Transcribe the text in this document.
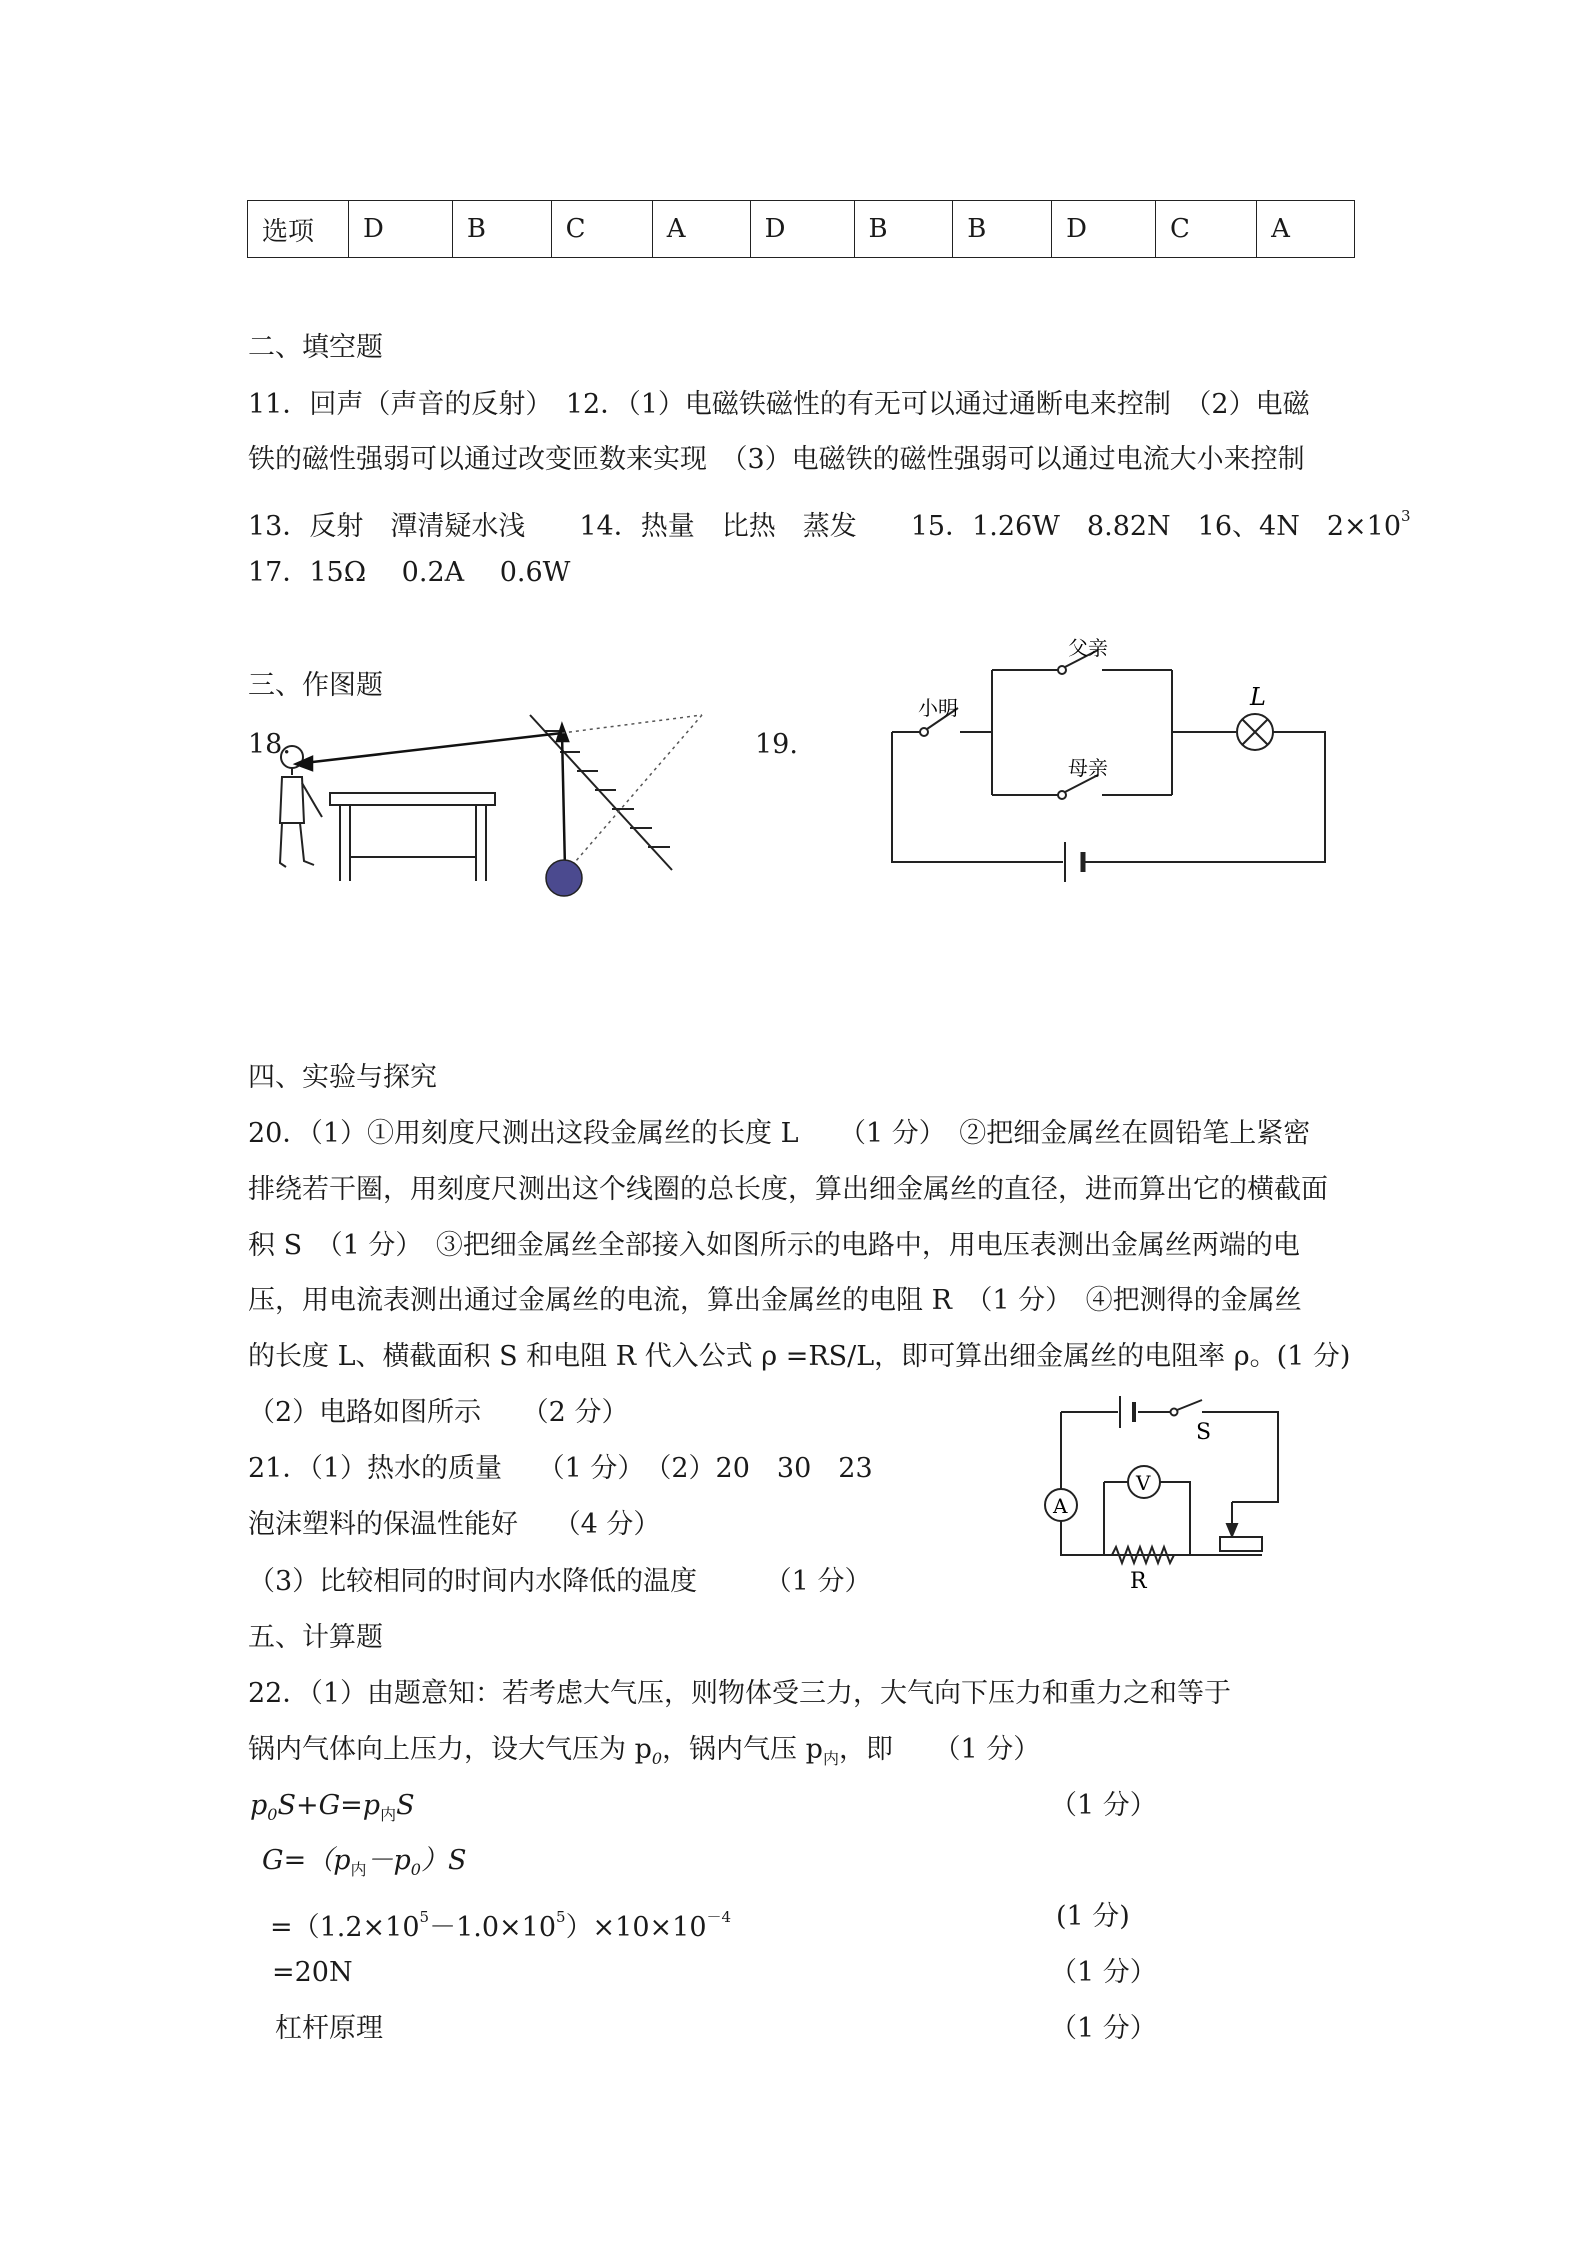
选项	D	B	C	A	D	B	B	D	C	A
二、填空题
11．回声（声音的反射）　12．（1）电磁铁磁性的有无可以通过通断电来控制　（2）电磁
铁的磁性强弱可以通过改变匝数来实现　（3）电磁铁的磁性强弱可以通过电流大小来控制
13．反射　潭清疑水浅　　14．热量　比热　蒸发　　15．1.26W　8.82N　16、4N　$2\times 10^3$
17．15Ω　 0.2A　 0.6W
三、作图题
18.	19.
父亲
小明
母亲
L
四、实验与探究
20．（1）①用刻度尺测出这段金属丝的长度 L　　（1 分）　②把细金属丝在圆铅笔上紧密
排绕若干圈，用刻度尺测出这个线圈的总长度，算出细金属丝的直径，进而算出它的横截面
积 S　（1 分）　③把细金属丝全部接入如图所示的电路中，用电压表测出金属丝两端的电
压，用电流表测出通过金属丝的电流，算出金属丝的电阻 R　（1 分）　④把测得的金属丝
的长度 L、横截面积 S 和电阻 R 代入公式 ρ =RS/L，即可算出细金属丝的电阻率 ρ。(1 分)
（2）电路如图所示　　（2 分）
21．（1）热水的质量　 （1 分）　（2）20　30　23
泡沫塑料的保温性能好　 （4 分）
（3）比较相同的时间内水降低的温度　　　（1 分）
S
A
V
R
五、计算题
22．（1）由题意知：若考虑大气压，则物体受三力，大气向下压力和重力之和等于
锅内气体向上压力，设大气压为 $p_0$，锅内气压 $p_内$，即　　（1 分）
$p_0S+G=p_内S$	（1 分）
$G=(p_内-p_0)S$
$=(1.2\times 10^5-1.0\times 10^5)\times 10\times 10^{-4}$	(1 分)
=20N	（1 分）
杠杆原理	（1 分）
